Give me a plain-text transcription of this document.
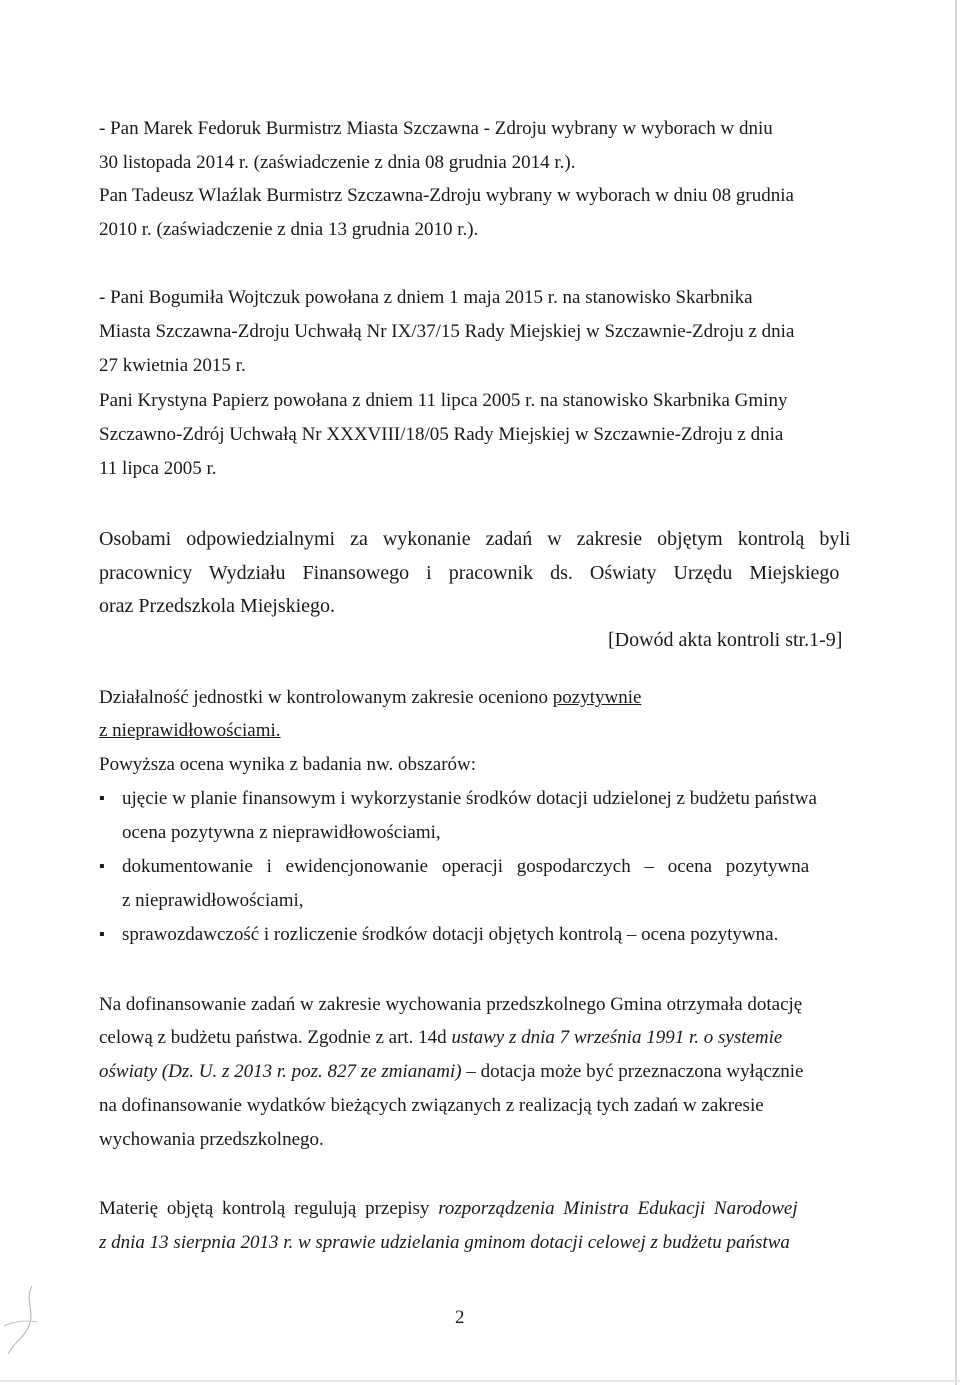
- Pan Marek Fedoruk Burmistrz Miasta Szczawna - Zdroju wybrany w wyborach w dniu
30 listopada 2014 r. (zaświadczenie z dnia 08 grudnia 2014 r.).
Pan Tadeusz Wlaźlak Burmistrz Szczawna-Zdroju wybrany w wyborach w dniu 08 grudnia
2010 r. (zaświadczenie z dnia 13 grudnia 2010 r.).
- Pani Bogumiła Wojtczuk powołana z dniem 1 maja 2015 r. na stanowisko Skarbnika
Miasta Szczawna-Zdroju Uchwałą Nr IX/37/15 Rady Miejskiej w Szczawnie-Zdroju z dnia
27 kwietnia 2015 r.
Pani Krystyna Papierz powołana z dniem 11 lipca 2005 r. na stanowisko Skarbnika Gminy
Szczawno-Zdrój Uchwałą Nr XXXVIII/18/05 Rady Miejskiej w Szczawnie-Zdroju z dnia
11 lipca 2005 r.
Osobami odpowiedzialnymi za wykonanie zadań w zakresie objętym kontrolą byli
pracownicy Wydziału Finansowego i pracownik ds. Oświaty Urzędu Miejskiego
oraz Przedszkola Miejskiego.
[Dowód akta kontroli str.1-9]
Działalność jednostki w kontrolowanym zakresie oceniono pozytywnie
z nieprawidłowościami.
Powyższa ocena wynika z badania nw. obszarów:
▪ ujęcie w planie finansowym i wykorzystanie środków dotacji udzielonej z budżetu państwa
ocena pozytywna z nieprawidłowościami,
▪ dokumentowanie i ewidencjonowanie operacji gospodarczych – ocena pozytywna
z nieprawidłowościami,
▪ sprawozdawczość i rozliczenie środków dotacji objętych kontrolą – ocena pozytywna.
Na dofinansowanie zadań w zakresie wychowania przedszkolnego Gmina otrzymała dotację
celową z budżetu państwa. Zgodnie z art. 14d ustawy z dnia 7 września 1991 r. o systemie
oświaty (Dz. U. z 2013 r. poz. 827 ze zmianami) – dotacja może być przeznaczona wyłącznie
na dofinansowanie wydatków bieżących związanych z realizacją tych zadań w zakresie
wychowania przedszkolnego.
Materię objętą kontrolą regulują przepisy rozporządzenia Ministra Edukacji Narodowej
z dnia 13 sierpnia 2013 r. w sprawie udzielania gminom dotacji celowej z budżetu państwa
2
